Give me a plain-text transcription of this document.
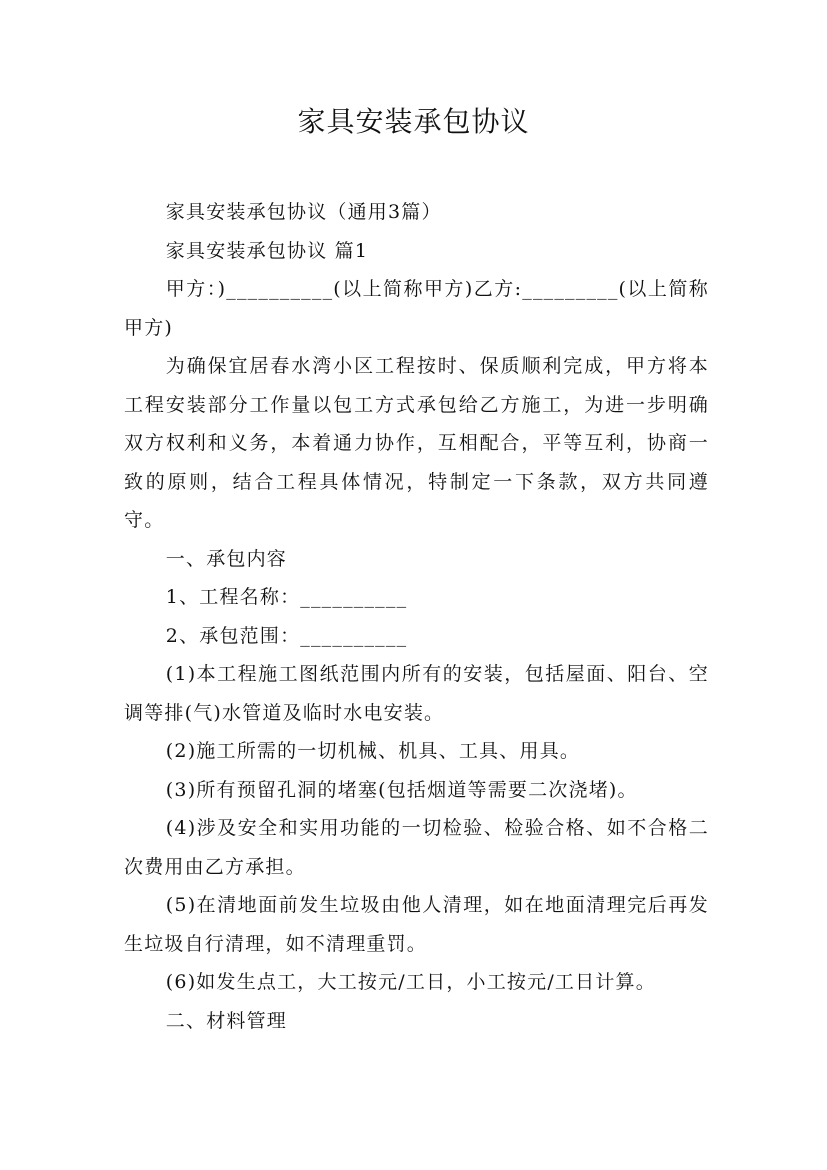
家具安装承包协议

家具安装承包协议（通用3篇）

家具安装承包协议 篇1

甲方：)__________(以上简称甲方)乙方:_________(以上简称甲方)

为确保宜居春水湾小区工程按时、保质顺利完成，甲方将本工程安装部分工作量以包工方式承包给乙方施工，为进一步明确双方权利和义务，本着通力协作，互相配合，平等互利，协商一致的原则，结合工程具体情况，特制定一下条款，双方共同遵守。

一、承包内容

1、工程名称：__________

2、承包范围：__________

(1)本工程施工图纸范围内所有的安装，包括屋面、阳台、空调等排(气)水管道及临时水电安装。

(2)施工所需的一切机械、机具、工具、用具。

(3)所有预留孔洞的堵塞(包括烟道等需要二次浇堵)。

(4)涉及安全和实用功能的一切检验、检验合格、如不合格二次费用由乙方承担。

(5)在清地面前发生垃圾由他人清理，如在地面清理完后再发生垃圾自行清理，如不清理重罚。

(6)如发生点工，大工按元/工日，小工按元/工日计算。

二、材料管理
